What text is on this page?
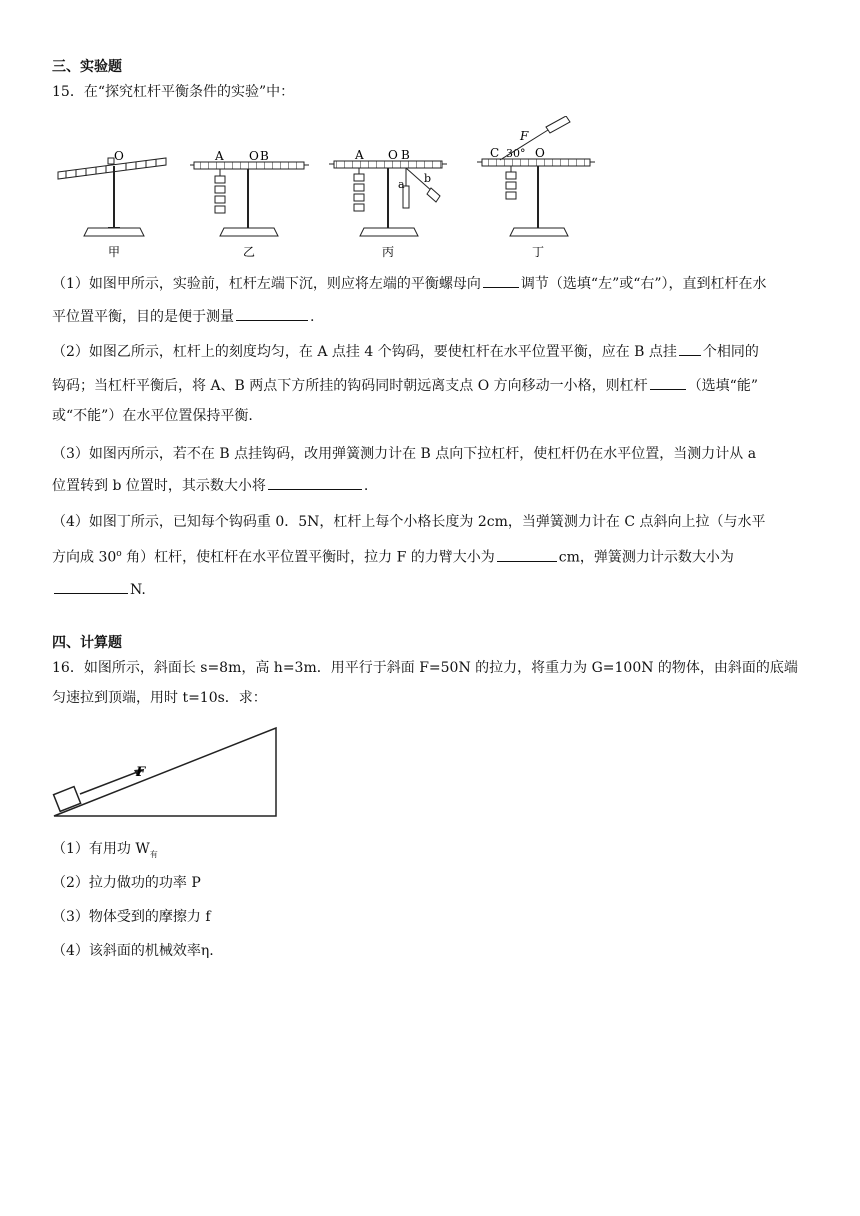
三、实验题
15．在“探究杠杆平衡条件的实验”中：
O
甲
A O B
乙
A O B
a b
丙
C 30° O
F
丁
（1）如图甲所示，实验前，杠杆左端下沉，则应将左端的平衡螺母向	调节（选填“左”或“右”），直到杠杆在水
平位置平衡，目的是便于测量	.
（2）如图乙所示，杠杆上的刻度均匀，在 A 点挂 4 个钩码，要使杠杆在水平位置平衡，应在 B 点挂 个相同的
钩码；当杠杆平衡后，将 A、B 两点下方所挂的钩码同时朝远离支点 O 方向移动一小格，则杠杆	（选填“能”
或“不能”）在水平位置保持平衡.
（3）如图丙所示，若不在 B 点挂钩码，改用弹簧测力计在 B 点向下拉杠杆，使杠杆仍在水平位置，当测力计从 a
位置转到 b 位置时，其示数大小将	.
（4）如图丁所示，已知每个钩码重 0．5N，杠杆上每个小格长度为 2cm，当弹簧测力计在 C 点斜向上拉（与水平
方向成 30$^o$ 角）杠杆，使杠杆在水平位置平衡时，拉力 F 的力臂大小为	cm，弹簧测力计示数大小为
N.
四、计算题
16．如图所示，斜面长 s=8m，高 h=3m．用平行于斜面 F=50N 的拉力，将重力为 G=100N 的物体，由斜面的底端
匀速拉到顶端，用时 t=10s．求：
F
（1）有用功 $W_有$
（2）拉力做功的功率 P
（3）物体受到的摩擦力 f
（4）该斜面的机械效率η.
